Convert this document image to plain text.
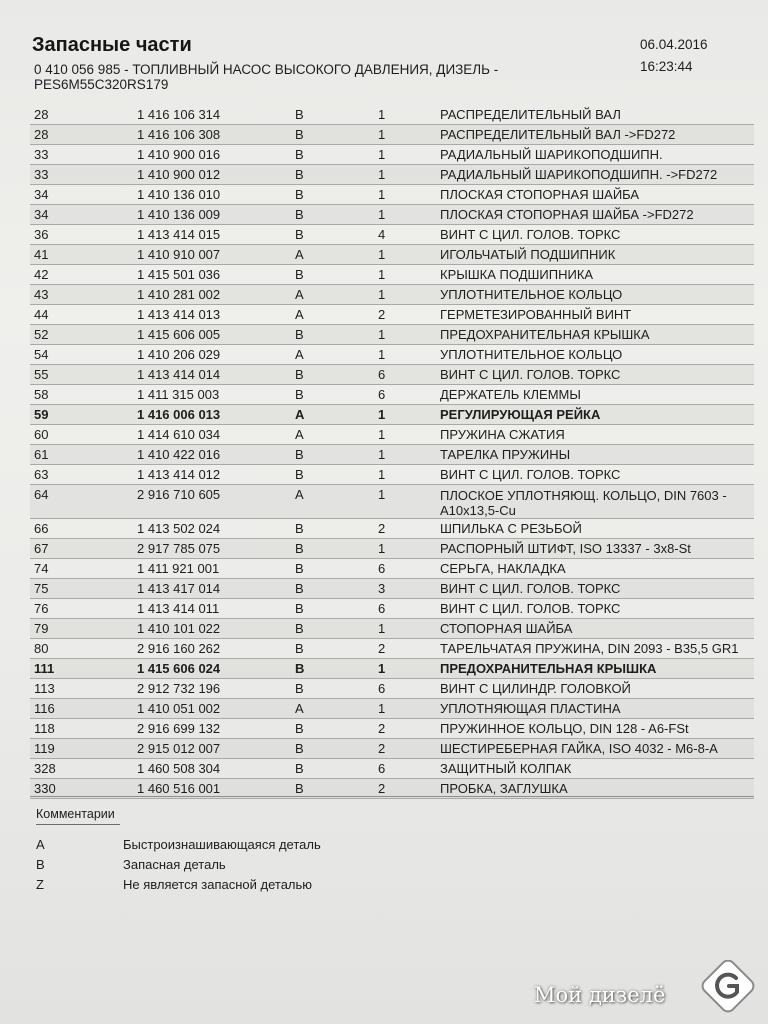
Запасные части
0 410 056 985 - ТОПЛИВНЫЙ НАСОС ВЫСОКОГО ДАВЛЕНИЯ, ДИЗЕЛЬ - PES6M55C320RS179
06.04.2016
16:23:44
28	1 416 106 314	B	1	РАСПРЕДЕЛИТЕЛЬНЫЙ ВАЛ
28	1 416 106 308	B	1	РАСПРЕДЕЛИТЕЛЬНЫЙ ВАЛ ->FD272
33	1 410 900 016	B	1	РАДИАЛЬНЫЙ ШАРИКОПОДШИПН.
33	1 410 900 012	B	1	РАДИАЛЬНЫЙ ШАРИКОПОДШИПН. ->FD272
34	1 410 136 010	B	1	ПЛОСКАЯ СТОПОРНАЯ ШАЙБА
34	1 410 136 009	B	1	ПЛОСКАЯ СТОПОРНАЯ ШАЙБА ->FD272
36	1 413 414 015	B	4	ВИНТ С ЦИЛ. ГОЛОВ. ТОРКС
41	1 410 910 007	A	1	ИГОЛЬЧАТЫЙ ПОДШИПНИК
42	1 415 501 036	B	1	КРЫШКА ПОДШИПНИКА
43	1 410 281 002	A	1	УПЛОТНИТЕЛЬНОЕ КОЛЬЦО
44	1 413 414 013	A	2	ГЕРМЕТЕЗИРОВАННЫЙ ВИНТ
52	1 415 606 005	B	1	ПРЕДОХРАНИТЕЛЬНАЯ КРЫШКА
54	1 410 206 029	A	1	УПЛОТНИТЕЛЬНОЕ КОЛЬЦО
55	1 413 414 014	B	6	ВИНТ С ЦИЛ. ГОЛОВ. ТОРКС
58	1 411 315 003	B	6	ДЕРЖАТЕЛЬ КЛЕММЫ
59	1 416 006 013	A	1	РЕГУЛИРУЮЩАЯ РЕЙКА
60	1 414 610 034	A	1	ПРУЖИНА СЖАТИЯ
61	1 410 422 016	B	1	ТАРЕЛКА ПРУЖИНЫ
63	1 413 414 012	B	1	ВИНТ С ЦИЛ. ГОЛОВ. ТОРКС
64	2 916 710 605	A	1	ПЛОСКОЕ УПЛОТНЯЮЩ. КОЛЬЦО, DIN 7603 - A10x13,5-Cu
66	1 413 502 024	B	2	ШПИЛЬКА С РЕЗЬБОЙ
67	2 917 785 075	B	1	РАСПОРНЫЙ ШТИФТ, ISO 13337 - 3x8-St
74	1 411 921 001	B	6	СЕРЬГА, НАКЛАДКА
75	1 413 417 014	B	3	ВИНТ С ЦИЛ. ГОЛОВ. ТОРКС
76	1 413 414 011	B	6	ВИНТ С ЦИЛ. ГОЛОВ. ТОРКС
79	1 410 101 022	B	1	СТОПОРНАЯ ШАЙБА
80	2 916 160 262	B	2	ТАРЕЛЬЧАТАЯ ПРУЖИНА, DIN 2093 - B35,5 GR1
111	1 415 606 024	B	1	ПРЕДОХРАНИТЕЛЬНАЯ КРЫШКА
113	2 912 732 196	B	6	ВИНТ С ЦИЛИНДР. ГОЛОВКОЙ
116	1 410 051 002	A	1	УПЛОТНЯЮЩАЯ ПЛАСТИНА
118	2 916 699 132	B	2	ПРУЖИННОЕ КОЛЬЦО, DIN 128 - A6-FSt
119	2 915 012 007	B	2	ШЕСТИРЕБЕРНАЯ ГАЙКА, ISO 4032 - M6-8-A
328	1 460 508 304	B	6	ЗАЩИТНЫЙ КОЛПАК
330	1 460 516 001	B	2	ПРОБКА, ЗАГЛУШКА
Комментарии
A	Быстроизнашивающаяся деталь
B	Запасная деталь
Z	Не является запасной деталью
Мой дизелё
